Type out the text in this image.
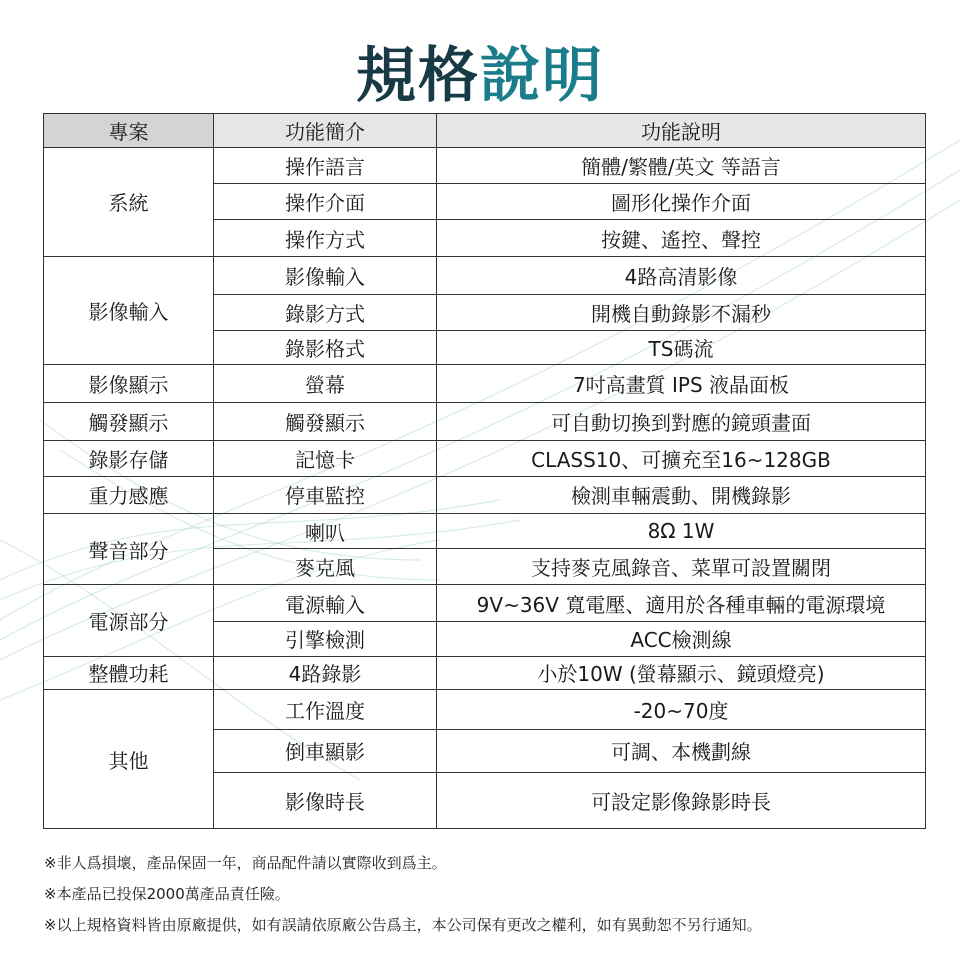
規格說明
專案	功能簡介	功能說明
系統	操作語言	簡體/繁體/英文 等語言
	操作介面	圖形化操作介面
	操作方式	按鍵、遙控、聲控
影像輸入	影像輸入	4路高清影像
	錄影方式	開機自動錄影不漏秒
	錄影格式	TS碼流
影像顯示	螢幕	7吋高畫質 IPS 液晶面板
觸發顯示	觸發顯示	可自動切換到對應的鏡頭畫面
錄影存儲	記憶卡	CLASS10、可擴充至16~128GB
重力感應	停車監控	檢測車輛震動、開機錄影
聲音部分	喇叭	8Ω 1W
	麥克風	支持麥克風錄音、菜單可設置關閉
電源部分	電源輸入	9V~36V 寬電壓、適用於各種車輛的電源環境
	引擎檢測	ACC檢測線
整體功耗	4路錄影	小於10W (螢幕顯示、鏡頭燈亮)
其他	工作溫度	-20~70度
	倒車顯影	可調、本機劃線
	影像時長	可設定影像錄影時長
※非人爲損壞，產品保固一年，商品配件請以實際收到爲主。
※本產品已投保2000萬產品責任險。
※以上規格資料皆由原廠提供，如有誤請依原廠公告爲主，本公司保有更改之權利，如有異動恕不另行通知。
